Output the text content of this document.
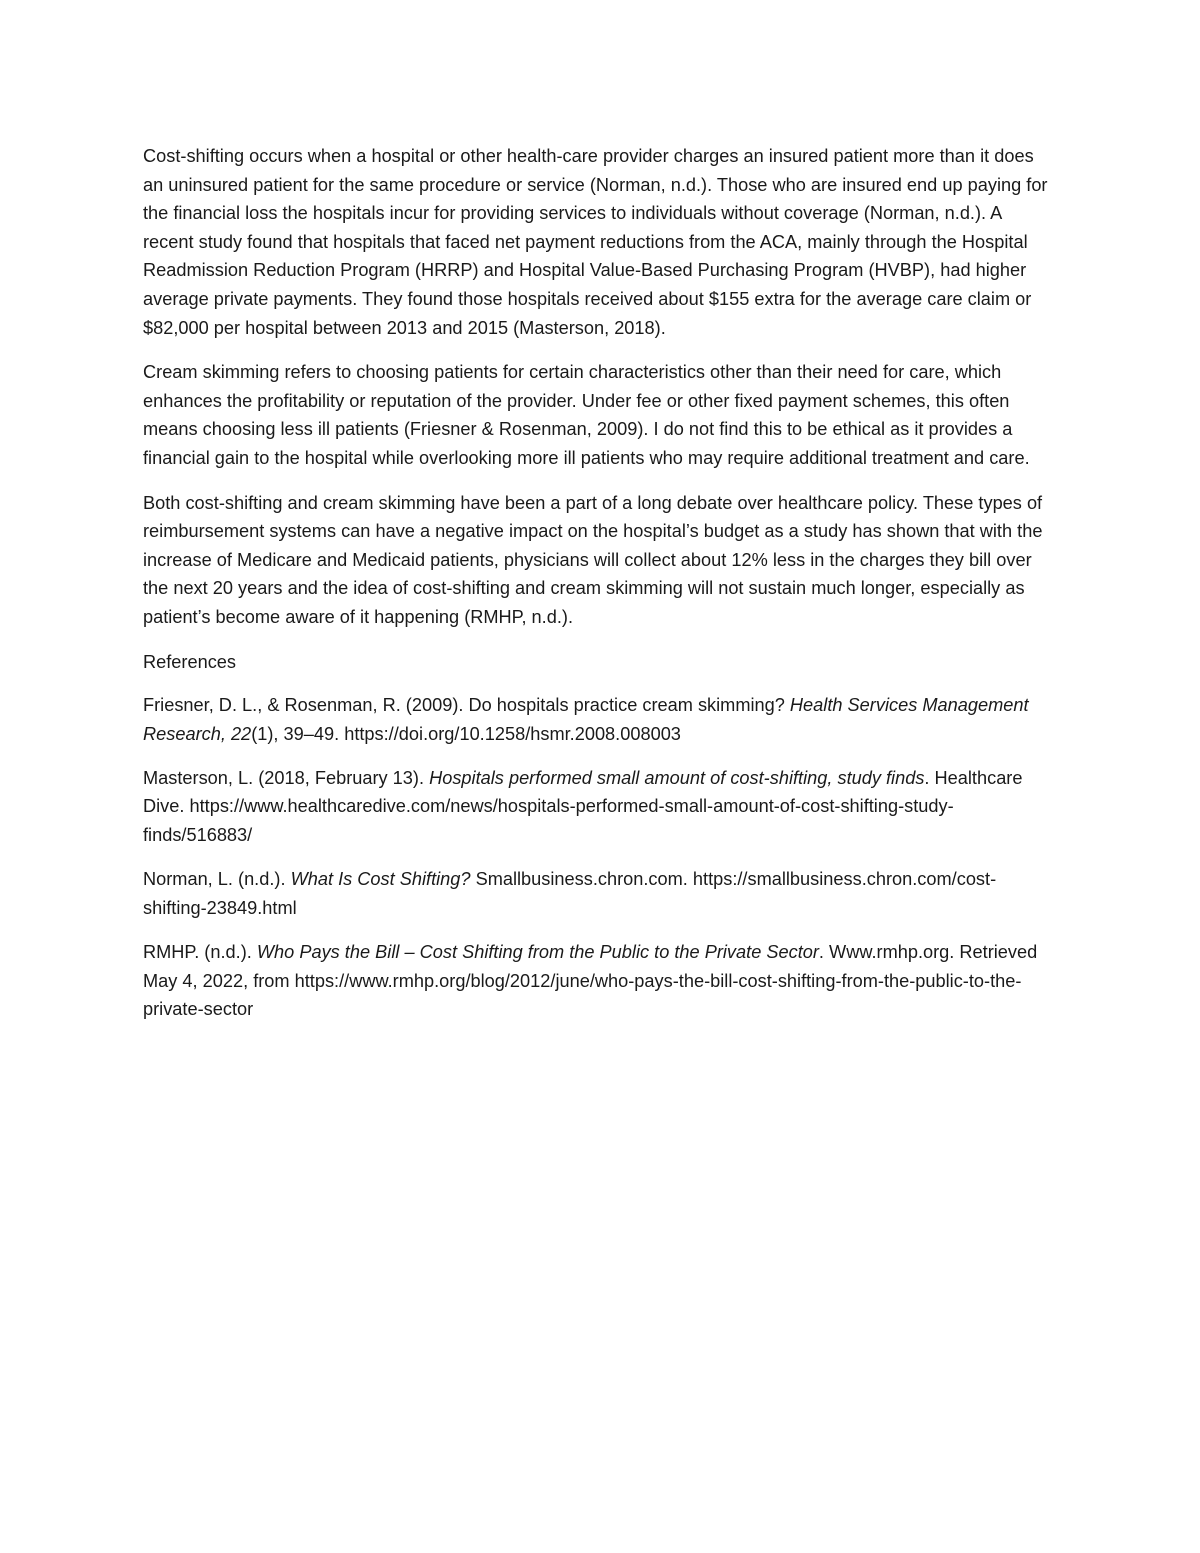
Cost-shifting occurs when a hospital or other health-care provider charges an insured patient more than it does an uninsured patient for the same procedure or service (Norman, n.d.). Those who are insured end up paying for the financial loss the hospitals incur for providing services to individuals without coverage (Norman, n.d.). A recent study found that hospitals that faced net payment reductions from the ACA, mainly through the Hospital Readmission Reduction Program (HRRP) and Hospital Value-Based Purchasing Program (HVBP), had higher average private payments. They found those hospitals received about $155 extra for the average care claim or $82,000 per hospital between 2013 and 2015 (Masterson, 2018).

Cream skimming refers to choosing patients for certain characteristics other than their need for care, which enhances the profitability or reputation of the provider. Under fee or other fixed payment schemes, this often means choosing less ill patients (Friesner & Rosenman, 2009). I do not find this to be ethical as it provides a financial gain to the hospital while overlooking more ill patients who may require additional treatment and care.

Both cost-shifting and cream skimming have been a part of a long debate over healthcare policy. These types of reimbursement systems can have a negative impact on the hospital’s budget as a study has shown that with the increase of Medicare and Medicaid patients, physicians will collect about 12% less in the charges they bill over the next 20 years and the idea of cost-shifting and cream skimming will not sustain much longer, especially as patient’s become aware of it happening (RMHP, n.d.).

References

Friesner, D. L., & Rosenman, R. (2009). Do hospitals practice cream skimming? Health Services Management Research, 22(1), 39–49. https://doi.org/10.1258/hsmr.2008.008003

Masterson, L. (2018, February 13). Hospitals performed small amount of cost-shifting, study finds. Healthcare Dive. https://www.healthcaredive.com/news/hospitals-performed-small-amount-of-cost-shifting-study-finds/516883/

Norman, L. (n.d.). What Is Cost Shifting? Smallbusiness.chron.com. https://smallbusiness.chron.com/cost-shifting-23849.html

RMHP. (n.d.). Who Pays the Bill – Cost Shifting from the Public to the Private Sector. Www.rmhp.org. Retrieved May 4, 2022, from https://www.rmhp.org/blog/2012/june/who-pays-the-bill-cost-shifting-from-the-public-to-the-private-sector
